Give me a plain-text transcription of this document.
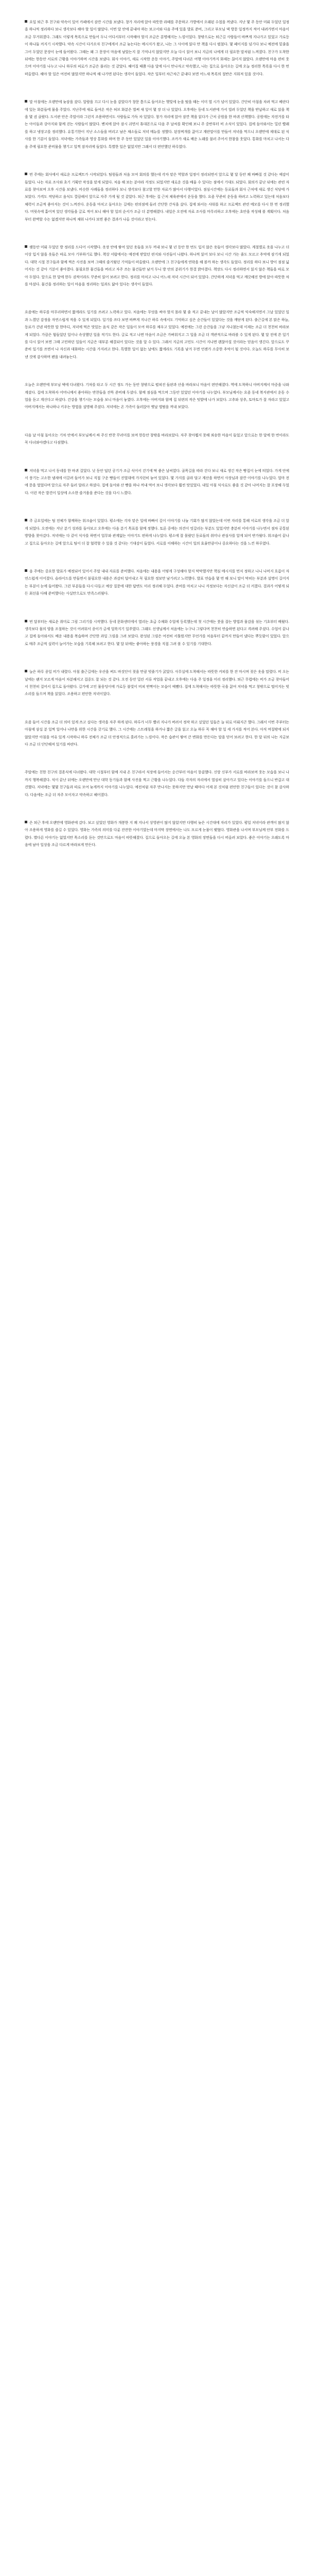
요일 퇴근 후 친구와 약속이 있어 카페에서 잠깐 시간을 보냈다. 창가 자리에 앉아 따뜻한 라떼를 주문하고 가방에서 오래된 수첩을 꺼냈다. 지난 몇 주 동안 미뤄 두었던 일정을 하나씩 정리하다 보니 생각보다 해야 할 일이 많았다. 이번 달 안에 끝내야 하는 보고서와 다음 주에 있을 발표 준비, 그리고 부모님 댁 방문 일정까지 적어 내려가면서 마음이 조금 무거워졌다. 그래도 이렇게 목록으로 만들어 두니 어디서부터 시작해야 할지 조금은 분명해지는 느낌이었다. 창밖으로는 퇴근길 사람들이 바쁘게 지나가고 있었고 가로등이 하나둘 켜지기 시작했다. 약속 시간이 다가오자 친구에게서 조금 늦는다는 메시지가 왔고, 나는 그 사이에 읽다 만 책을 다시 펼쳤다. 몇 페이지를 넘기다 보니 예전에 밑줄을 그어 두었던 문장이 눈에 들어왔다. 그때는 왜 그 문장이 마음에 남았는지 잘 기억나지 않았지만 오늘 다시 읽어 보니 지금의 나에게 더 필요한 말처럼 느껴졌다. 친구가 도착한 뒤에는 한동안 서로의 근황을 이야기하며 시간을 보냈다. 회사 이야기, 새로 시작한 운동 이야기, 주말에 다녀온 여행 이야기까지 화제는 끊이지 않았다. 오랜만에 마음 편히 웃으며 이야기를 나누고 나니 하루의 피로가 조금은 풀리는 것 같았다. 헤어질 때쯤 다음 달에 다시 만나자고 약속했고, 나는 집으로 돌아오는 길에 오늘 정리한 목록을 다시 한 번 떠올렸다. 해야 할 일은 여전히 많았지만 하나씩 해 나가면 된다는 생각이 들었다. 작은 일부터 차근차근 끝내다 보면 어느새 목록의 절반은 지워져 있을 것이다.

말 아침에는 오랜만에 늦잠을 잤다. 알람을 끄고 다시 눈을 감았다가 창문 틈으로 들어오는 햇빛에 눈을 떴을 때는 이미 열 시가 넘어 있었다. 간단히 아침을 차려 먹고 베란다에 있는 화분들에 물을 주었다. 지난주에 새로 들여온 작은 허브 화분은 벌써 새 잎이 몇 장 더 나 있었다. 오후에는 동네 도서관에 가서 빌려 두었던 책을 반납하고 새로 읽을 책을 몇 권 골랐다. 도서관 안은 주말이라 그런지 조용하면서도 사람들로 가득 차 있었다. 창가 자리에 앉아 잠깐 책을 읽다가 근처 공원을 한 바퀴 산책했다. 공원에는 자전거를 타는 아이들과 강아지와 함께 걷는 사람들이 많았다. 벤치에 앉아 잠시 쉬면서 휴대폰으로 다음 주 날씨를 확인해 보니 주 중반부터 비 소식이 있었다. 집에 돌아와서는 밀린 빨래를 하고 냉장고를 정리했다. 유통기한이 지난 소스들을 버리고 남은 채소들로 저녁 메뉴를 정했다. 된장찌개를 끓이고 계란말이를 만들어 저녁을 먹으니 오랜만에 제대로 된 식사를 한 기분이 들었다. 저녁에는 가족들과 영상 통화를 하며 한 주 동안 있었던 일을 이야기했다. 조카가 새로 배운 노래를 불러 주어서 한참을 웃었다. 통화를 마치고 나서는 다음 주에 필요한 준비물을 챙기고 일찍 잠자리에 들었다. 특별한 일은 없었지만 그래서 더 편안했던 하루였다.

번 주에는 회사에서 새로운 프로젝트가 시작되었다. 팀원들과 처음 모여 회의를 했는데 각자 맡은 역할과 일정이 정리되면서 앞으로 몇 달 동안 꽤 바빠질 것 같다는 예감이 들었다. 나는 자료 조사와 초기 기획안 작성을 맡게 되었다. 처음 해 보는 분야라 걱정도 되었지만 새로운 것을 배울 수 있다는 점에서 기대도 되었다. 회의가 끝난 뒤에는 관련 자료를 찾아보며 오후 시간을 보냈다. 비슷한 사례들을 정리하다 보니 생각보다 참고할 만한 자료가 많아서 다행이었다. 점심시간에는 동료들과 회사 근처에 새로 생긴 식당에 가 보았다. 가격도 적당하고 음식도 깔끔해서 앞으로 자주 가게 될 것 같았다. 퇴근 후에는 집 근처 체육관에서 운동을 했다. 요즘 꾸준히 운동을 하려고 노력하고 있는데 처음보다 체력이 조금씩 좋아지는 것이 느껴진다. 운동을 마치고 돌아오는 길에는 편의점에 들러 간단한 간식을 샀다. 집에 와서는 샤워를 하고 프로젝트 관련 메모를 다시 한 번 정리했다. 머릿속에 흩어져 있던 생각들을 글로 적어 보니 해야 할 일의 순서가 조금 더 분명해졌다. 내일은 오전에 자료 조사를 마무리하고 오후에는 초안을 작성해 볼 계획이다. 처음부터 완벽할 수는 없겠지만 하나씩 채워 나가다 보면 좋은 결과가 나올 것이라고 믿는다.

랫동안 미뤄 두었던 방 정리를 드디어 시작했다. 옷장 안에 쌓여 있던 옷들을 모두 꺼내 보니 몇 년 동안 한 번도 입지 않은 옷들이 생각보다 많았다. 계절별로 옷을 나누고 더 이상 입지 않을 옷들은 따로 모아 기부하기로 했다. 책상 서랍에서는 예전에 받았던 편지와 사진들이 나왔다. 하나씩 읽어 보다 보니 시간 가는 줄도 모르고 추억에 잠기게 되었다. 대학 시절 친구들과 함께 찍은 사진을 보며 그때의 즐거웠던 기억들이 떠올랐다. 오랜만에 그 친구들에게 연락을 해 볼까 하는 생각도 들었다. 정리를 하다 보니 방이 점점 넓어지는 것 같아 기분이 좋아졌다. 불필요한 물건들을 버리고 자주 쓰는 물건들만 남겨 두니 방 안의 분위기가 한결 밝아졌다. 책장도 다시 정리하면서 읽지 않은 책들을 따로 모아 두었다. 앞으로 한 달에 한두 권씩이라도 꾸준히 읽어 보려고 한다. 정리를 마치고 나니 어느새 저녁 시간이 되어 있었다. 간단하게 저녁을 먹고 깨끗해진 방에 앉아 따뜻한 차를 마셨다. 물건을 정리하는 일이 마음을 정리하는 일과도 닮아 있다는 생각이 들었다.

요즘에는 하루를 마무리하면서 짧게라도 일기를 쓰려고 노력하고 있다. 처음에는 무엇을 써야 할지 몰라 몇 줄 적고 끝내는 날이 많았지만 조금씩 익숙해지면서 그날 있었던 일과 느꼈던 감정을 자연스럽게 적을 수 있게 되었다. 일기를 쓰다 보면 바쁘게 지나간 하루 속에서도 기억하고 싶은 순간들이 있었다는 것을 깨닫게 된다. 출근길에 본 맑은 하늘, 동료가 건넨 따뜻한 말 한마디, 저녁에 먹은 맛있는 음식 같은 작은 일들이 모여 하루를 채우고 있었다. 예전에는 그런 순간들을 그냥 지나쳤는데 이제는 조금 더 천천히 바라보게 되었다. 가끔은 힘들었던 일이나 속상했던 일을 적기도 한다. 글로 적고 나면 마음이 조금은 가벼워지고 그 일을 조금 더 객관적으로 바라볼 수 있게 된다. 몇 달 전에 쓴 일기를 다시 읽어 보면 그때 고민하던 일들이 지금은 대부분 해결되어 있다는 것을 알 수 있다. 그래서 지금의 고민도 시간이 지나면 괜찮아질 것이라는 믿음이 생긴다. 앞으로도 꾸준히 일기를 쓰면서 나 자신과 대화하는 시간을 가지려고 한다. 특별한 일이 없는 날에도 짧게라도 기록을 남겨 두면 언젠가 소중한 추억이 될 것이다. 오늘도 하루를 무사히 보낸 것에 감사하며 펜을 내려놓는다.

오늘은 오랜만에 부모님 댁에 다녀왔다. 기차를 타고 두 시간 정도 가는 동안 창밖으로 펼쳐진 들판과 산을 바라보니 마음이 편안해졌다. 역에 도착하니 아버지께서 마중을 나와 계셨다. 집에 도착하자 어머니께서 좋아하는 반찬들을 잔뜩 준비해 두셨다. 함께 점심을 먹으며 그동안 있었던 이야기를 나누었다. 부모님께서는 요즘 동네 복지관에서 운동 수업을 듣고 계신다고 하셨다. 건강을 챙기시는 모습을 보니 마음이 놓였다. 오후에는 아버지와 함께 집 뒤편의 작은 텃밭에 나가 보았다. 고추와 상추, 토마토가 잘 자라고 있었고 아버지께서는 하나하나 키우는 방법을 설명해 주셨다. 저녁에는 온 가족이 둘러앉아 옛날 앨범을 꺼내 보았다.

다음 날 아침 돌아오는 기차 안에서 부모님께서 싸 주신 반찬 꾸러미를 보며 한동안 창밖을 바라보았다. 자주 찾아뵙지 못해 죄송한 마음이 들었고 앞으로는 한 달에 한 번이라도 꼭 다녀와야겠다고 다짐했다.

저녁을 먹고 나서 동네를 한 바퀴 걸었다. 낮 동안 덥던 공기가 조금 식어서 걷기에 딱 좋은 날씨였다. 골목길을 따라 걷다 보니 새로 생긴 작은 빵집이 눈에 띄었다. 가게 안에서 풍기는 고소한 냄새에 이끌려 들어가 보니 직접 구운 빵들이 진열대에 가지런히 놓여 있었다. 몇 가지를 골라 담고 계산을 하면서 사장님과 잠깐 이야기를 나누었다. 얼마 전에 문을 열었다며 앞으로 자주 들러 달라고 하셨다. 집에 돌아와 산 빵을 하나 꺼내 먹어 보니 생각보다 훨씬 맛있었다. 내일 아침 식사로도 좋을 것 같아 나머지는 잘 포장해 두었다. 이런 작은 발견이 일상에 소소한 즐거움을 준다는 것을 다시 느꼈다.

주 금요일에는 팀 전체가 함께하는 워크숍이 있었다. 평소에는 각자 맡은 일에 바빠서 깊이 이야기를 나눌 기회가 많지 않았는데 이번 자리를 통해 서로의 생각을 조금 더 알게 되었다. 오전에는 지난 분기 성과를 돌아보고 오후에는 다음 분기 목표를 함께 정했다. 토론 중에는 의견이 엇갈리는 부분도 있었지만 충분히 이야기를 나누면서 점차 공통된 방향을 찾아갔다. 저녁에는 다 같이 식사를 하면서 업무와 관계없는 이야기도 편하게 나누었다. 평소에 잘 몰랐던 동료들의 취미나 관심사를 알게 되어 반가웠다. 워크숍이 끝나고 집으로 돌아오는 길에 앞으로 팀이 더 잘 협력할 수 있을 것 같다는 기대감이 들었다. 서로를 이해하는 시간이 일의 효율만큼이나 중요하다는 것을 느낀 하루였다.

음 주에는 중요한 발표가 예정되어 있어서 주말 내내 자료를 준비했다. 처음에는 내용을 어떻게 구성해야 할지 막막했지만 핵심 메시지를 먼저 정하고 나니 나머지 흐름이 자연스럽게 이어졌다. 슬라이드를 만들면서 불필요한 내용은 과감히 덜어내고 꼭 필요한 정보만 남기려고 노력했다. 발표 연습을 몇 번 해 보니 말이 막히는 부분과 설명이 길어지는 부분이 눈에 들어왔다. 그런 부분들을 다시 다듬고 예상 질문에 대한 답변도 미리 정리해 두었다. 준비를 마치고 나니 걱정보다는 자신감이 조금 더 커졌다. 결과가 어떻게 되든 최선을 다해 준비했다는 사실만으로도 만족스러웠다.

번 달부터는 새로운 취미로 그림 그리기를 시작했다. 동네 문화센터에서 열리는 초급 수채화 수업에 등록했는데 첫 시간에는 붓을 잡는 방법과 물감을 섞는 기초부터 배웠다. 생각보다 물의 양을 조절하는 것이 어려워서 종이가 금세 얼룩지기 일쑤였다. 그래도 선생님께서 처음에는 누구나 그렇다며 천천히 연습하면 된다고 격려해 주셨다. 수업이 끝나고 집에 돌아와서도 배운 내용을 복습하며 간단한 과일 그림을 그려 보았다. 완성된 그림은 여전히 서툴렀지만 무언가를 처음부터 끝까지 만들어 냈다는 뿌듯함이 있었다. 앞으로 매주 조금씩 실력이 늘어가는 모습을 기록해 보려고 한다. 몇 달 뒤에는 좋아하는 풍경을 직접 그려 볼 수 있기를 기대한다.

늘은 하루 종일 비가 내렸다. 아침 출근길에는 우산을 써도 바짓단이 젖을 만큼 빗줄기가 굵었다. 사무실에 도착해서는 따뜻한 커피를 한 잔 마시며 젖은 옷을 말렸다. 비 오는 날에는 왠지 모르게 마음이 차분해지고 집중도 잘 되는 것 같다. 오전 동안 밀린 서류 작업을 끝내고 오후에는 다음 주 일정을 미리 정리했다. 퇴근 무렵에는 비가 조금 잦아들어서 천천히 걸어서 집으로 돌아왔다. 길가에 고인 물웅덩이에 가로등 불빛이 비쳐 반짝이는 모습이 예뻤다. 집에 도착해서는 따뜻한 국을 끓여 저녁을 먹고 창밖으로 떨어지는 빗소리를 들으며 책을 읽었다. 조용하고 편안한 저녁이었다.

요즘 들어 시간을 조금 더 의미 있게 쓰고 싶다는 생각을 자주 하게 된다. 하루가 너무 빨리 지나가 버려서 정작 하고 싶었던 일들은 늘 뒤로 미뤄지곤 했다. 그래서 이번 주부터는 아침에 삼십 분 일찍 일어나 나만을 위한 시간을 갖기로 했다. 그 시간에는 스트레칭을 하거나 짧은 글을 읽고 오늘 하루 꼭 해야 할 일 세 가지를 적어 본다. 아직 며칠밖에 되지 않았지만 아침을 여유 있게 시작하니 하루 전체가 조금 더 안정적으로 흘러가는 느낌이다. 작은 습관이 쌓여 큰 변화를 만든다는 말을 믿어 보려고 한다. 한 달 뒤의 나는 지금보다 조금 더 단단해져 있기를 바란다.

주말에는 친한 친구의 결혼식에 다녀왔다. 대학 시절부터 함께 지내 온 친구라서 식장에 들어서는 순간부터 마음이 뭉클했다. 신랑 신부가 서로를 바라보며 웃는 모습을 보니 나까지 행복해졌다. 식이 끝난 뒤에는 오랜만에 만난 대학 동기들과 함께 사진을 찍고 근황을 나누었다. 다들 각자의 자리에서 열심히 살아가고 있다는 이야기를 들으니 반갑고 대견했다. 저녁에는 몇몇 친구들과 따로 모여 늦게까지 이야기를 나누었다. 예전처럼 자주 만나지는 못하지만 만날 때마다 어제 본 것처럼 편안한 친구들이 있다는 것이 참 감사하다. 다음에는 조금 더 자주 모이자고 약속하고 헤어졌다.

은 퇴근 후에 오랜만에 영화관에 갔다. 보고 싶었던 영화가 개봉한 지 꽤 지나서 상영관이 많지 않았지만 다행히 늦은 시간대에 자리가 있었다. 평일 저녁이라 관객이 많지 않아 조용하게 영화를 즐길 수 있었다. 영화는 가족의 의미를 다룬 잔잔한 이야기였는데 마지막 장면에서는 나도 모르게 눈물이 맺혔다. 영화관을 나서며 부모님께 안부 전화를 드렸다. 별다른 이야기는 없었지만 목소리를 듣는 것만으로도 마음이 따뜻해졌다. 집으로 돌아오는 길에 오늘 본 영화의 장면들을 다시 떠올려 보았다. 좋은 이야기는 오래도록 마음에 남아 일상을 조금 다르게 바라보게 만든다.
